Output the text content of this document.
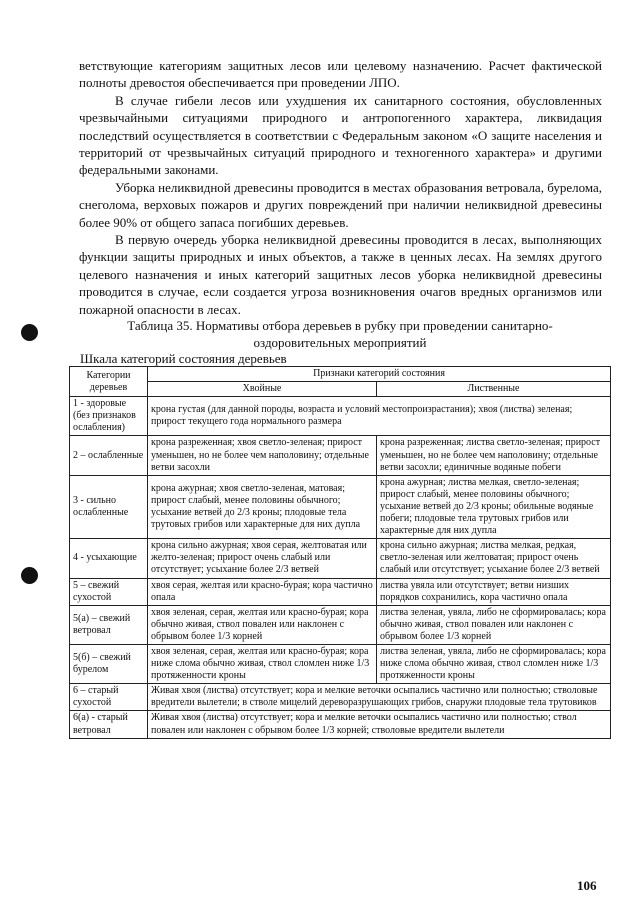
ветствующие категориям защитных лесов или целевому назначению. Расчет фактической полноты древостоя обеспечивается при проведении ЛПО.

В случае гибели лесов или ухудшения их санитарного состояния, обусловленных чрезвычайными ситуациями природного и антропогенного характера, ликвидация последствий осуществляется в соответствии с Федеральным законом «О защите населения и территорий от чрезвычайных ситуаций природного и техногенного характера» и другими федеральными законами.

Уборка неликвидной древесины проводится в местах образования ветровала, бурелома, снеголома, верховых пожаров и других повреждений при наличии неликвидной древесины более 90% от общего запаса погибших деревьев.

В первую очередь уборка неликвидной древесины проводится в лесах, выполняющих функции защиты природных и иных объектов, а также в ценных лесах. На землях другого целевого назначения и иных категорий защитных лесов уборка неликвидной древесины проводится в случае, если создается угроза возникновения очагов вредных организмов или пожарной опасности в лесах.

Таблица 35. Нормативы отбора деревьев в рубку при проведении санитарно-оздоровительных мероприятий
Шкала категорий состояния деревьев
Категории деревьев	Признаки категорий состояния	
	Хвойные	Лиственные
1 - здоровые (без признаков ослабления)	крона густая (для данной породы, возраста и условий местопроизрастания); хвоя (листва) зеленая; прирост текущего года нормального размера	
2 – ослабленные	крона разреженная; хвоя светло-зеленая; прирост уменьшен, но не более чем наполовину; отдельные ветви засохли	крона разреженная; листва светло-зеленая; прирост уменьшен, но не более чем наполовину; отдельные ветви засохли; единичные водяные побеги
3 - сильно ослабленные	крона ажурная; хвоя светло-зеленая, матовая; прирост слабый, менее половины обычного; усыхание ветвей до 2/3 кроны; плодовые тела трутовых грибов или характерные для них дупла	крона ажурная; листва мелкая, светло-зеленая; прирост слабый, менее половины обычного; усыхание ветвей до 2/3 кроны; обильные водяные побеги; плодовые тела трутовых грибов или характерные для них дупла
4 - усыхающие	крона сильно ажурная; хвоя серая, желтоватая или желто-зеленая; прирост очень слабый или отсутствует; усыхание более 2/3 ветвей	крона сильно ажурная; листва мелкая, редкая, светло-зеленая или желтоватая; прирост очень слабый или отсутствует; усыхание более 2/3 ветвей
5 – свежий сухостой	хвоя серая, желтая или красно-бурая; кора частично опала	листва увяла или отсутствует; ветви низших порядков сохранились, кора частично опала
5(а) – свежий ветровал	хвоя зеленая, серая, желтая или красно-бурая; кора обычно живая, ствол повален или наклонен с обрывом более 1/3 корней	листва зеленая, увяла, либо не сформировалась; кора обычно живая, ствол повален или наклонен с обрывом более 1/3 корней
5(б) – свежий бурелом	хвоя зеленая, серая, желтая или красно-бурая; кора ниже слома обычно живая, ствол сломлен ниже 1/3 протяженности кроны	листва зеленая, увяла, либо не сформировалась; кора ниже слома обычно живая, ствол сломлен ниже 1/3 протяженности кроны
6 – старый сухостой	Живая хвоя (листва) отсутствует; кора и мелкие веточки осыпались частично или полностью; стволовые вредители вылетели; в стволе мицелий дереворазрушающих грибов, снаружи плодовые тела трутовиков	
6(а) - старый ветровал	Живая хвоя (листва) отсутствует; кора и мелкие веточки осыпались частично или полностью; ствол повален или наклонен с обрывом более 1/3 корней; стволовые вредители вылетели	
106
